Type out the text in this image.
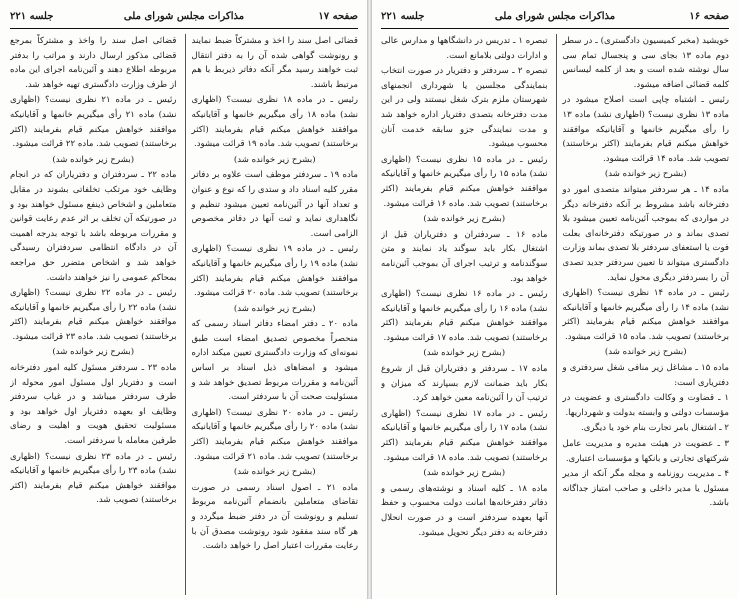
صفحه ۱۷
مذاکرات مجلس شورای ملی
جلسه ۲۲۱

قضائی اصل سند را اخذ و مشترکاً ضبط نمایند و رونوشت گواهی شده آن را به دفتر انتقال ثبت خواهند رسید مگر آنکه دفاتر ذیربط با هم مرتبط باشند.

رئیس ـ در ماده ۱۸ نظری نیست؟ (اظهاری نشد) ماده ۱۸ رأی میگیریم خانمها و آقایانیکه موافقند خواهش میکنم قیام بفرمایند (اکثر برخاستند) تصویب شد. ماده ۱۹ قرائت میشود.

(بشرح زیر خوانده شد)

ماده ۱۹ ـ سردفتر موظف است علاوه بر دفاتر مقرر کلیه اسناد داد و ستدی را که نوع و عنوان و تعداد آنها در آئین‌نامه تعیین میشود تنظیم و نگاهداری نماید و ثبت آنها در دفاتر مخصوص الزامی است.

رئیس ـ در ماده ۱۹ نظری نیست؟ (اظهاری نشد) ماده ۱۹ را رأی میگیریم خانمها و آقایانیکه موافقند خواهش میکنم قیام بفرمایند (اکثر برخاستند) تصویب شد. ماده ۲۰ قرائت میشود.

(بشرح زیر خوانده شد)

ماده ۲۰ ـ دفتر امضاء دفاتر اسناد رسمی که منحصراً مخصوص تصدیق امضاء است طبق نمونه‌ای که وزارت دادگستری تعیین میکند اداره میشود و امضاهای ذیل اسناد بر اساس آئین‌نامه و مقررات مربوط تصدیق خواهد شد و مسئولیت صحت آن با سردفتر است.

رئیس ـ در ماده ۲۰ نظری نیست؟ (اظهاری نشد) ماده ۲۰ را رأی میگیریم خانمها و آقایانیکه موافقند خواهش میکنم قیام بفرمایند (اکثر برخاستند) تصویب شد. ماده ۲۱ قرائت میشود.

(بشرح زیر خوانده شد)

ماده ۲۱ ـ اصول اسناد رسمی در صورت تقاضای متعاملین بانضمام آئین‌نامه مربوط تسلیم و رونوشت آن در دفتر ضبط میگردد و هر گاه سند مفقود شود رونوشت مصدق آن با رعایت مقررات اعتبار اصل را خواهد داشت.

قضائی اصل سند را واخذ و مشترکاً بمرجع قضائی مذکور ارسال دارند و مراتب را بدفتر مربوطه اطلاع دهند و آئین‌نامه اجرای این ماده از طرف وزارت دادگستری تهیه خواهد شد.

رئیس ـ در ماده ۲۱ نظری نیست؟ (اظهاری نشد) ماده ۲۱ رأی میگیریم خانمها و آقایانیکه موافقند خواهش میکنم قیام بفرمایند (اکثر برخاستند) تصویب شد. ماده ۲۲ قرائت میشود.

(بشرح زیر خوانده شد)

ماده ۲۲ ـ سردفتران و دفتریاران که در انجام وظایف خود مرتکب تخلفاتی بشوند در مقابل متعاملین و اشخاص ذینفع مسئول خواهند بود و در صورتیکه آن تخلف بر اثر عدم رعایت قوانین و مقررات مربوطه باشد با توجه بدرجه اهمیت آن در دادگاه انتظامی سردفتران رسیدگی خواهد شد و اشخاص متضرر حق مراجعه بمحاکم عمومی را نیز خواهند داشت.

رئیس ـ در ماده ۲۲ نظری نیست؟ (اظهاری نشد) ماده ۲۲ را رأی میگیریم خانمها و آقایانیکه موافقند خواهش میکنم قیام بفرمایند (اکثر برخاستند) تصویب شد. ماده ۲۳ قرائت میشود.

(بشرح زیر خوانده شد)

ماده ۲۳ ـ سردفتر مسئول کلیه امور دفترخانه است و دفتریار اول مسئول امور محوله از طرف سردفتر میباشد و در غیاب سردفتر وظایف او بعهده دفتریار اول خواهد بود و مسئولیت تحقیق هویت و اهلیت و رضای طرفین معامله با سردفتر است.

رئیس ـ در ماده ۲۳ نظری نیست؟ (اظهاری نشد) ماده ۲۳ را رأی میگیریم خانمها و آقایانیکه موافقند خواهش میکنم قیام بفرمایند (اکثر برخاستند) تصویب شد.

صفحه ۱۶
مذاکرات مجلس شورای ملی
جلسه ۲۲۱

خویشید (مخبر کمیسیون دادگستری) ـ در سطر دوم ماده ۱۳ بجای سی و پنجسال تمام سی سال نوشته شده است و بعد از کلمه لیسانس کلمه قضائی اضافه میشود.

رئیس ـ اشتباه چاپی است اصلاح میشود در ماده ۱۳ نظری نیست؟ (اظهاری نشد) ماده ۱۳ را رأی میگیریم خانمها و آقایانیکه موافقند خواهش میکنم قیام بفرمایند (اکثر برخاستند) تصویب شد. ماده ۱۴ قرائت میشود.

(بشرح زیر خوانده شد)

ماده ۱۴ ـ هر سردفتر میتواند متصدی امور دو دفترخانه باشد مشروط بر آنکه دفترخانه دیگر در مواردی که بموجب آئین‌نامه تعیین میشود بلا تصدی بماند و در صورتیکه دفترخانه‌ای بعلت فوت یا استعفای سردفتر بلا تصدی بماند وزارت دادگستری میتواند تا تعیین سردفتر جدید تصدی آن را بسردفتر دیگری محول نماید.

رئیس ـ در ماده ۱۴ نظری نیست؟ (اظهاری نشد) ماده ۱۴ را رأی میگیریم خانمها و آقایانیکه موافقند خواهش میکنم قیام بفرمایند (اکثر برخاستند) تصویب شد. ماده ۱۵ قرائت میشود.

(بشرح زیر خوانده شد)

ماده ۱۵ ـ مشاغل زیر منافی شغل سردفتری و دفتریاری است:

۱ ـ قضاوت و وکالت دادگستری و عضویت در مؤسسات دولتی و وابسته بدولت و شهرداریها.

۲ ـ اشتغال بامر تجارت بنام خود یا دیگری.

۳ ـ عضویت در هیئت مدیره و مدیریت عامل شرکتهای تجارتی و بانکها و مؤسسات اعتباری.

۴ ـ مدیریت روزنامه و مجله مگر آنکه از مدیر مسئول یا مدیر داخلی و صاحب امتیاز جداگانه باشد.

تبصره ۱ ـ تدریس در دانشگاهها و مدارس عالی و ادارات دولتی بلامانع است.

تبصره ۲ ـ سردفتر و دفتریار در صورت انتخاب بنمایندگی مجلسین یا شهرداری انجمنهای شهرستان ملزم بترک شغل نیستند ولی در این مدت دفترخانه بتصدی دفتریار اداره خواهد شد و مدت نمایندگی جزو سابقه خدمت آنان محسوب میشود.

رئیس ـ در ماده ۱۵ نظری نیست؟ (اظهاری نشد) ماده ۱۵ را رأی میگیریم خانمها و آقایانیکه موافقند خواهش میکنم قیام بفرمایند (اکثر برخاستند) تصویب شد. ماده ۱۶ قرائت میشود.

(بشرح زیر خوانده شد)

ماده ۱۶ ـ سردفتران و دفتریاران قبل از اشتغال بکار باید سوگند یاد نمایند و متن سوگندنامه و ترتیب اجرای آن بموجب آئین‌نامه خواهد بود.

رئیس ـ در ماده ۱۶ نظری نیست؟ (اظهاری نشد) ماده ۱۶ را رأی میگیریم خانمها و آقایانیکه موافقند خواهش میکنم قیام بفرمایند (اکثر برخاستند) تصویب شد. ماده ۱۷ قرائت میشود.

(بشرح زیر خوانده شد)

ماده ۱۷ ـ سردفتر و دفتریاران قبل از شروع بکار باید ضمانت لازم بسپارند که میزان و ترتیب آن را آئین‌نامه معین خواهد کرد.

رئیس ـ در ماده ۱۷ نظری نیست؟ (اظهاری نشد) ماده ۱۷ را رأی میگیریم خانمها و آقایانیکه موافقند خواهش میکنم قیام بفرمایند (اکثر برخاستند) تصویب شد. ماده ۱۸ قرائت میشود.

(بشرح زیر خوانده شد)

ماده ۱۸ ـ کلیه اسناد و نوشته‌های رسمی و دفاتر دفترخانه‌ها امانت دولت محسوب و حفظ آنها بعهده سردفتر است و در صورت انحلال دفترخانه به دفتر دیگر تحویل میشود.
